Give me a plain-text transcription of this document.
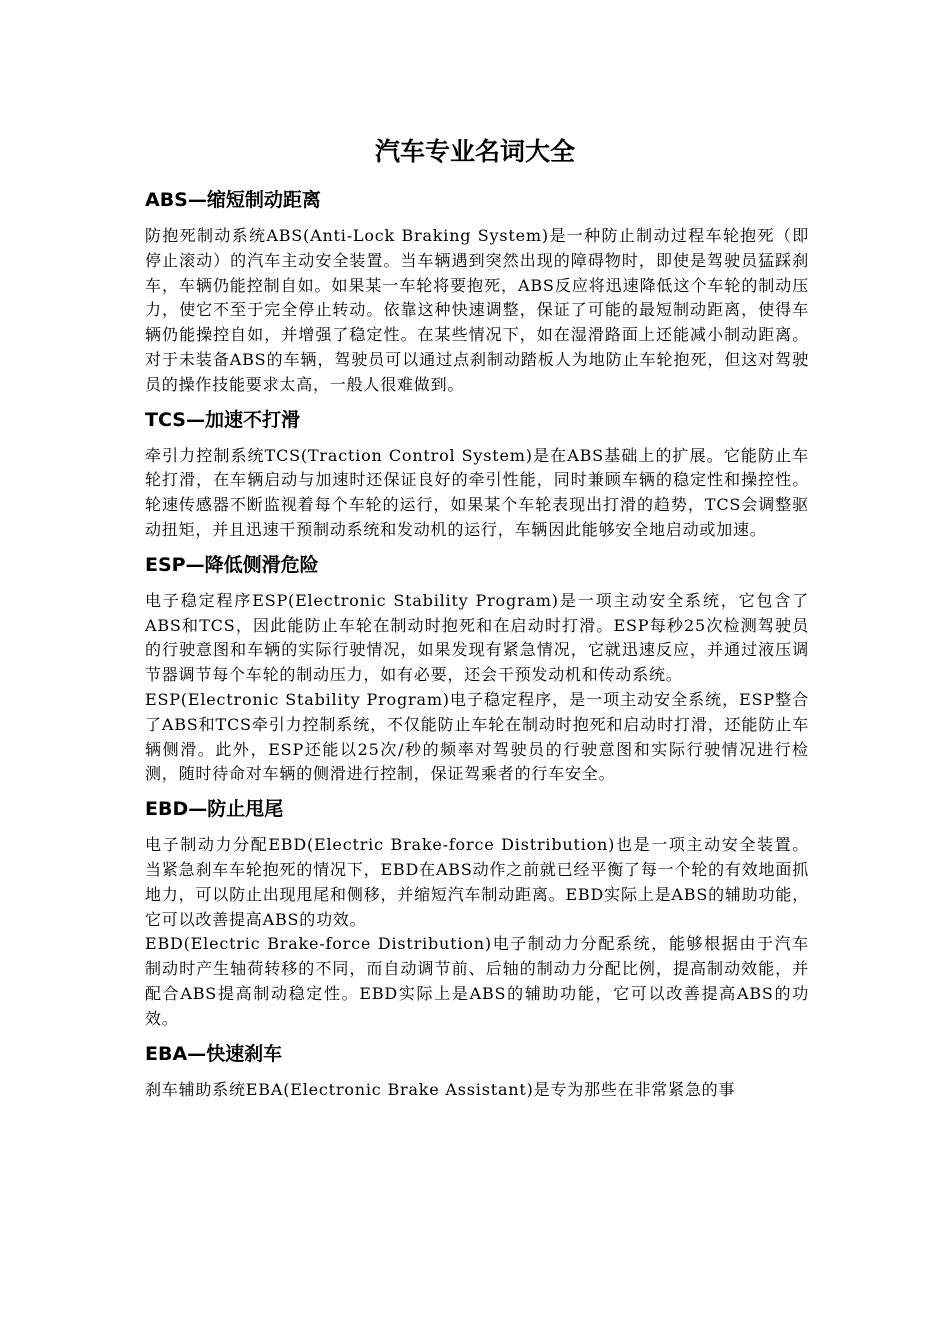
汽车专业名词大全
ABS—缩短制动距离

防抱死制动系统ABS(Anti-Lock Braking System)是一种防止制动过程车轮抱死（即停止滚动）的汽车主动安全装置。当车辆遇到突然出现的障碍物时，即使是驾驶员猛踩刹车，车辆仍能控制自如。如果某一车轮将要抱死，ABS反应将迅速降低这个车轮的制动压力，使它不至于完全停止转动。依靠这种快速调整，保证了可能的最短制动距离，使得车辆仍能操控自如，并增强了稳定性。在某些情况下，如在湿滑路面上还能减小制动距离。对于未装备ABS的车辆，驾驶员可以通过点刹制动踏板人为地防止车轮抱死，但这对驾驶员的操作技能要求太高，一般人很难做到。

TCS—加速不打滑

牵引力控制系统TCS(Traction Control System)是在ABS基础上的扩展。它能防止车轮打滑，在车辆启动与加速时还保证良好的牵引性能，同时兼顾车辆的稳定性和操控性。轮速传感器不断监视着每个车轮的运行，如果某个车轮表现出打滑的趋势，TCS会调整驱动扭矩，并且迅速干预制动系统和发动机的运行，车辆因此能够安全地启动或加速。

ESP—降低侧滑危险

电子稳定程序ESP(Electronic Stability Program)是一项主动安全系统，它包含了ABS和TCS，因此能防止车轮在制动时抱死和在启动时打滑。ESP每秒25次检测驾驶员的行驶意图和车辆的实际行驶情况，如果发现有紧急情况，它就迅速反应，并通过液压调节器调节每个车轮的制动压力，如有必要，还会干预发动机和传动系统。

ESP(Electronic Stability Program)电子稳定程序，是一项主动安全系统，ESP整合了ABS和TCS牵引力控制系统，不仅能防止车轮在制动时抱死和启动时打滑，还能防止车辆侧滑。此外，ESP还能以25次/秒的频率对驾驶员的行驶意图和实际行驶情况进行检测，随时待命对车辆的侧滑进行控制，保证驾乘者的行车安全。

EBD—防止甩尾

电子制动力分配EBD(Electric Brake-force Distribution)也是一项主动安全装置。当紧急刹车车轮抱死的情况下，EBD在ABS动作之前就已经平衡了每一个轮的有效地面抓地力，可以防止出现甩尾和侧移，并缩短汽车制动距离。EBD实际上是ABS的辅助功能，它可以改善提高ABS的功效。

EBD(Electric Brake-force Distribution)电子制动力分配系统，能够根据由于汽车制动时产生轴荷转移的不同，而自动调节前、后轴的制动力分配比例，提高制动效能，并配合ABS提高制动稳定性。EBD实际上是ABS的辅助功能，它可以改善提高ABS的功效。

EBA—快速刹车

刹车辅助系统EBA(Electronic Brake Assistant)是专为那些在非常紧急的事
